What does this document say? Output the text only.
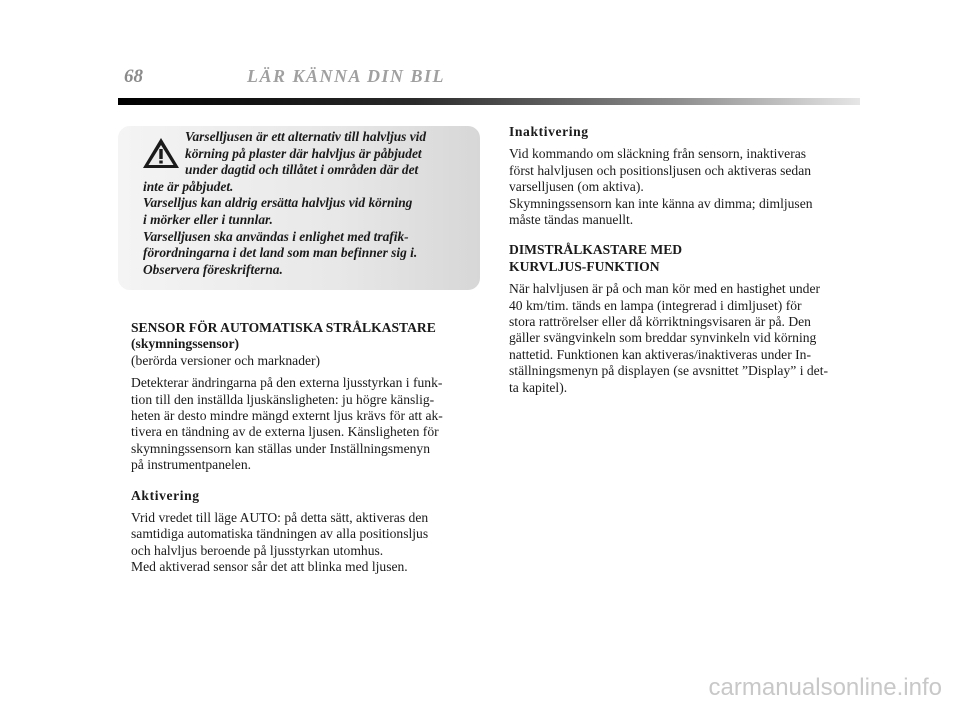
68	LÄR KÄNNA DIN BIL
Varselljusen är ett alternativ till halvljus vid
körning på plaster där halvljus är påbjudet
under dagtid och tillåtet i områden där det
inte är påbjudet.
Varselljus kan aldrig ersätta halvljus vid körning
i mörker eller i tunnlar.
Varselljusen ska användas i enlighet med trafik-
förordningarna i det land som man befinner sig i.
Observera föreskrifterna.

SENSOR FÖR AUTOMATISKA STRÅLKASTARE

(skymningssensor)

(berörda versioner och marknader)

Detekterar ändringarna på den externa ljusstyrkan i funk-

tion till den inställda ljuskänsligheten: ju högre känslig-

heten är desto mindre mängd externt ljus krävs för att ak-

tivera en tändning av de externa ljusen. Känsligheten för

skymningssensorn kan ställas under Inställningsmenyn

på instrumentpanelen.

Aktivering

Vrid vredet till läge AUTO: på detta sätt, aktiveras den

samtidiga automatiska tändningen av alla positionsljus

och halvljus beroende på ljusstyrkan utomhus.

Med aktiverad sensor sår det att blinka med ljusen.

Inaktivering

Vid kommando om släckning från sensorn, inaktiveras

först halvljusen och positionsljusen och aktiveras sedan

varselljusen (om aktiva).

Skymningssensorn kan inte känna av dimma; dimljusen

måste tändas manuellt.

DIMSTRÅLKASTARE MED

KURVLJUS-FUNKTION

När halvljusen är på och man kör med en hastighet under

40 km/tim. tänds en lampa (integrerad i dimljuset) för

stora rattrörelser eller då körriktningsvisaren är på. Den

gäller svängvinkeln som breddar synvinkeln vid körning

nattetid. Funktionen kan aktiveras/inaktiveras under In-

ställningsmenyn på displayen (se avsnittet ”Display” i det-

ta kapitel).

carmanualsonline.info
